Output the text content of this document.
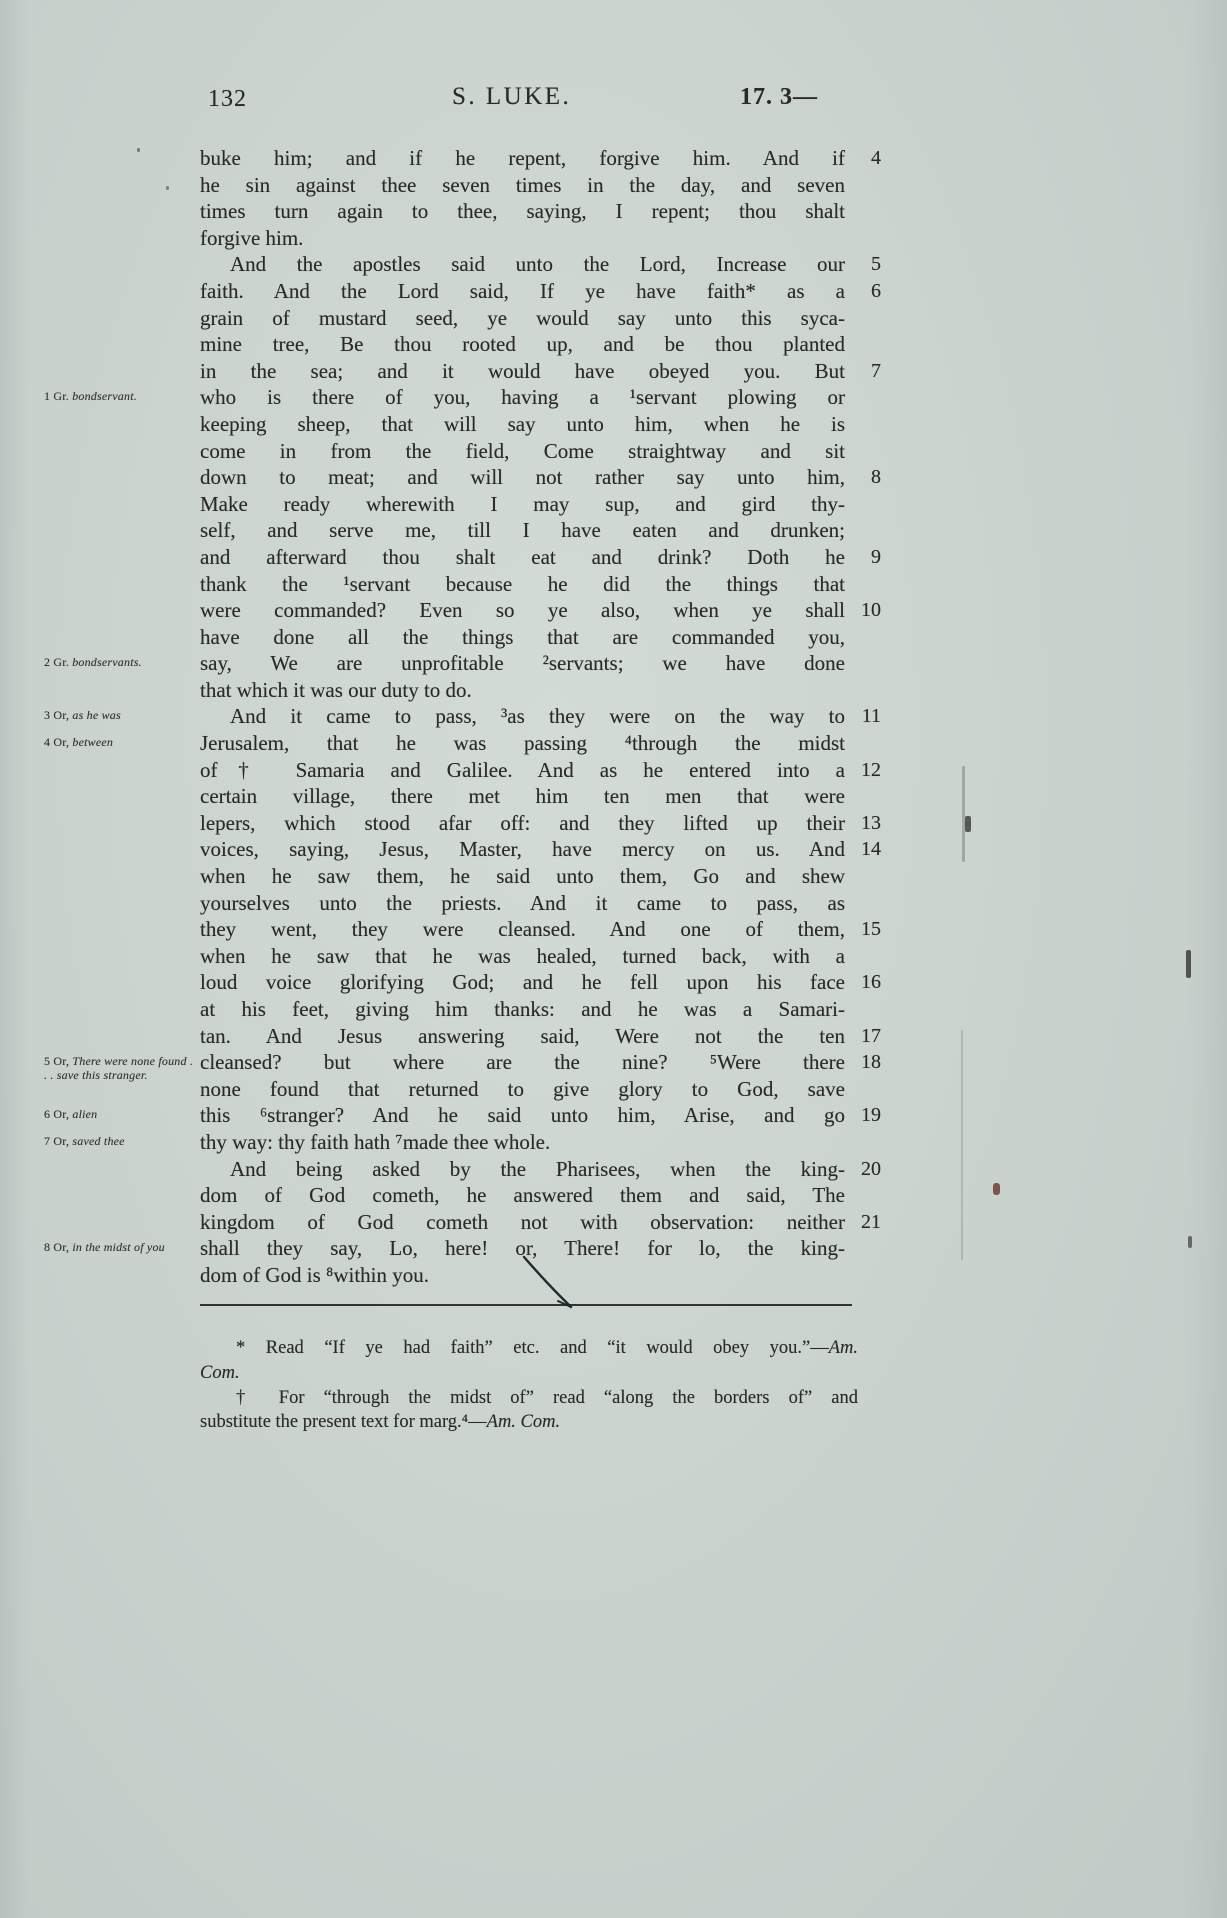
132	S. LUKE.	17. 3—
buke him; and if he repent, forgive him. And if	4
he sin against thee seven times in the day, and seven
times turn again to thee, saying, I repent; thou shalt
forgive him.
And the apostles said unto the Lord, Increase our	5
faith. And the Lord said, If ye have faith* as a	6
grain of mustard seed, ye would say unto this syca-
mine tree, Be thou rooted up, and be thou planted
in the sea; and it would have obeyed you. But	7
1 Gr. bondservant.	who is there of you, having a ¹servant plowing or
keeping sheep, that will say unto him, when he is
come in from the field, Come straightway and sit
down to meat; and will not rather say unto him,	8
Make ready wherewith I may sup, and gird thy-
self, and serve me, till I have eaten and drunken;
and afterward thou shalt eat and drink? Doth he	9
thank the ¹servant because he did the things that
were commanded? Even so ye also, when ye shall 10
have done all the things that are commanded you,
2 Gr. bondservants.	say, We are unprofitable ²servants; we have done
that which it was our duty to do.
3 Or, as he was	And it came to pass, ³as they were on the way to 11
4 Or, between	Jerusalem, that he was passing ⁴through the midst
of† Samaria and Galilee. And as he entered into a 12
certain village, there met him ten men that were
lepers, which stood afar off: and they lifted up their 13
voices, saying, Jesus, Master, have mercy on us. And 14
when he saw them, he said unto them, Go and shew
yourselves unto the priests. And it came to pass, as
they went, they were cleansed. And one of them, 15
when he saw that he was healed, turned back, with a
loud voice glorifying God; and he fell upon his face 16
at his feet, giving him thanks: and he was a Samari-
tan. And Jesus answering said, Were not the ten 17
5 Or, There were none found . . . save this stranger.
cleansed? but where are the nine? ⁵Were there 18
none found that returned to give glory to God, save
6 Or, alien	this ⁶stranger? And he said unto him, Arise, and go 19
7 Or, saved thee	thy way: thy faith hath ⁷made thee whole.
And being asked by the Pharisees, when the king- 20
dom of God cometh, he answered them and said, The
kingdom of God cometh not with observation: neither 21
8 Or, in the midst of you	shall they say, Lo, here! or, There! for lo, the king-
dom of God is ⁸within you.
* Read “If ye had faith” etc. and “it would obey you.”—Am.
Com.
† For “through the midst of” read “along the borders of” and
substitute the present text for marg.⁴—Am. Com.
